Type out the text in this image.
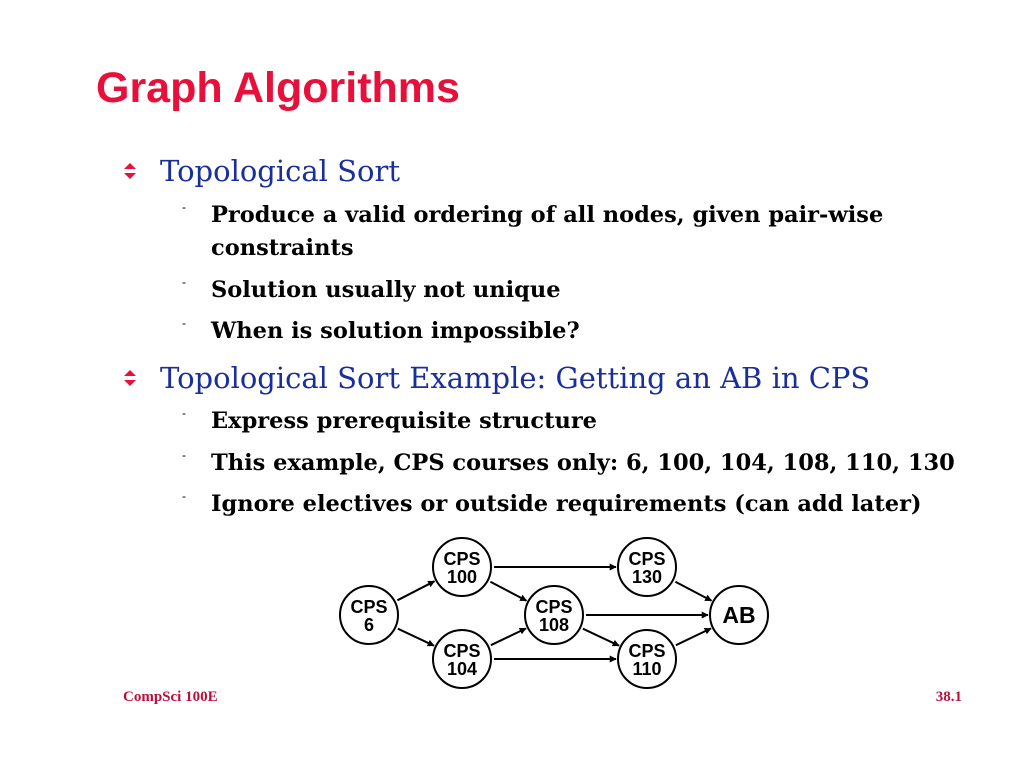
Graph Algorithms
Topological Sort
-	Produce a valid ordering of all nodes, given pair-wise constraints
-	Solution usually not unique
-	When is solution impossible?
Topological Sort Example: Getting an AB in CPS
-	Express prerequisite structure
-	This example, CPS courses only: 6, 100, 104, 108, 110, 130
-	Ignore electives or outside requirements (can add later)
CPS
6
CPS
100
CPS
104
CPS
108
CPS
130
CPS
110
AB
CompSci 100E	38.1
